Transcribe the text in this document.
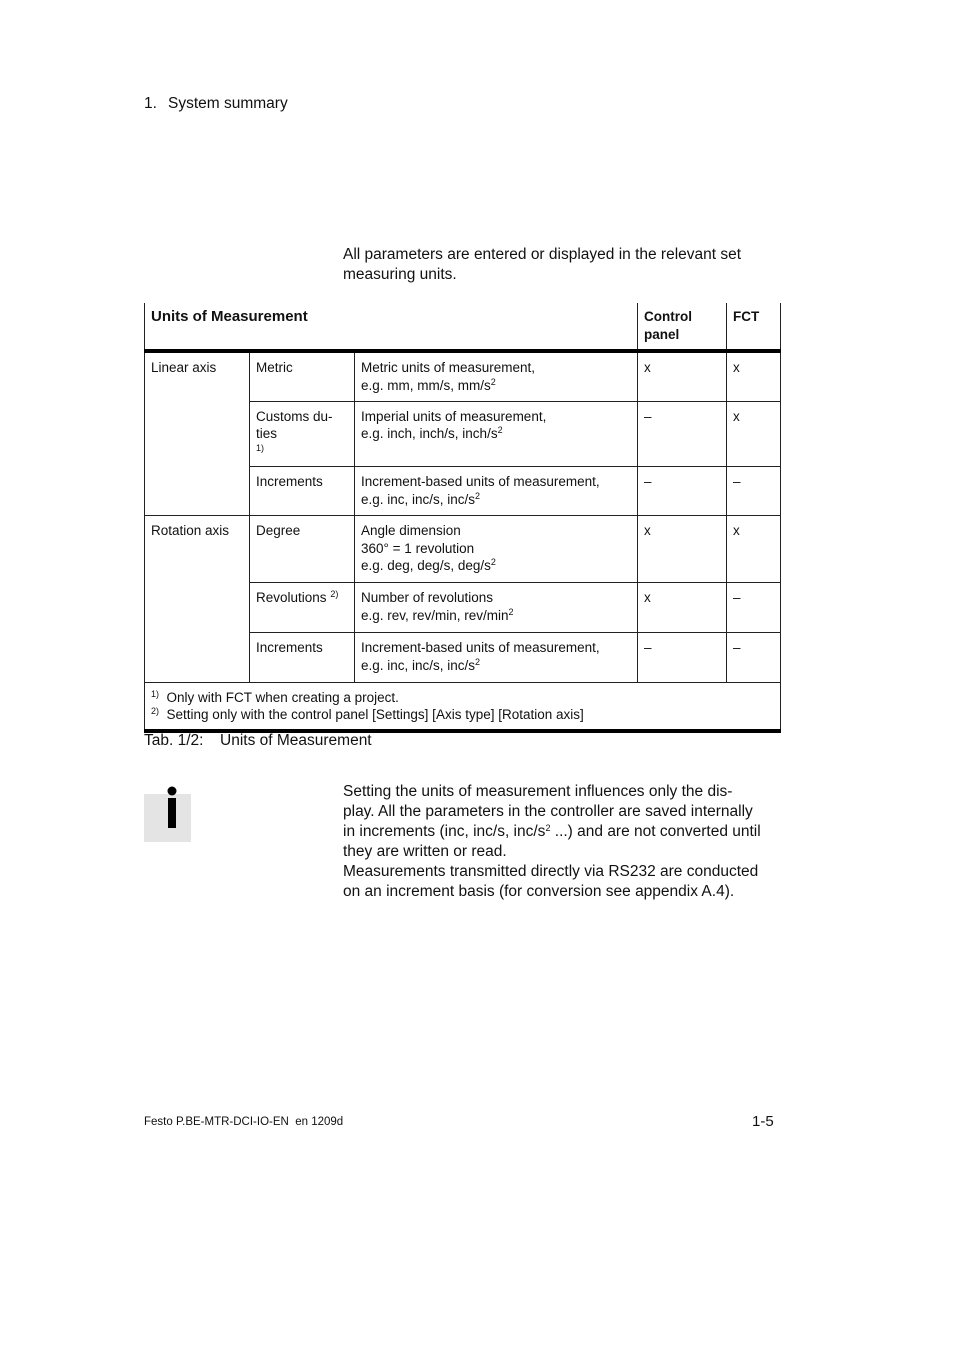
1. System summary
All parameters are entered or displayed in the relevant set measuring units.
Units of Measurement			Control panel	FCT
Linear axis	Metric	Metric units of measurement,
e.g. mm, mm/s, $mm/s^2$	x	x
	Customs du-ties $^{1)}$	Imperial units of measurement,
e.g. inch, inch/s, inch/$s^2$	–	x
	Increments	Increment-based units of measurement,
e.g. inc, inc/s, inc/$s^2$	–	–
Rotation axis	Degree	Angle dimension
360° = 1 revolution
e.g. deg, deg/s, deg/$s^2$	x	x
	Revolutions $^{2)}$	Number of revolutions
e.g. rev, rev/min, rev/$\min^2$	x	–
	Increments	Increment-based units of measurement,
e.g. inc, inc/s, inc/$s^2$	–	–

$^{1)}$ Only with FCT when creating a project.
$^{2)}$ Setting only with the control panel [Settings] [Axis type] [Rotation axis]				
Tab. 1/2: Units of Measurement
Setting the units of measurement influences only the dis-
play. All the parameters in the controller are saved internally
in increments (inc, inc/s, inc/$s^2$ ...) and are not converted until
they are written or read.
Measurements transmitted directly via RS232 are conducted
on an increment basis (for conversion see appendix A.4).
Festo P.BE-MTR-DCI-IO-EN  en 1209d	1-5
